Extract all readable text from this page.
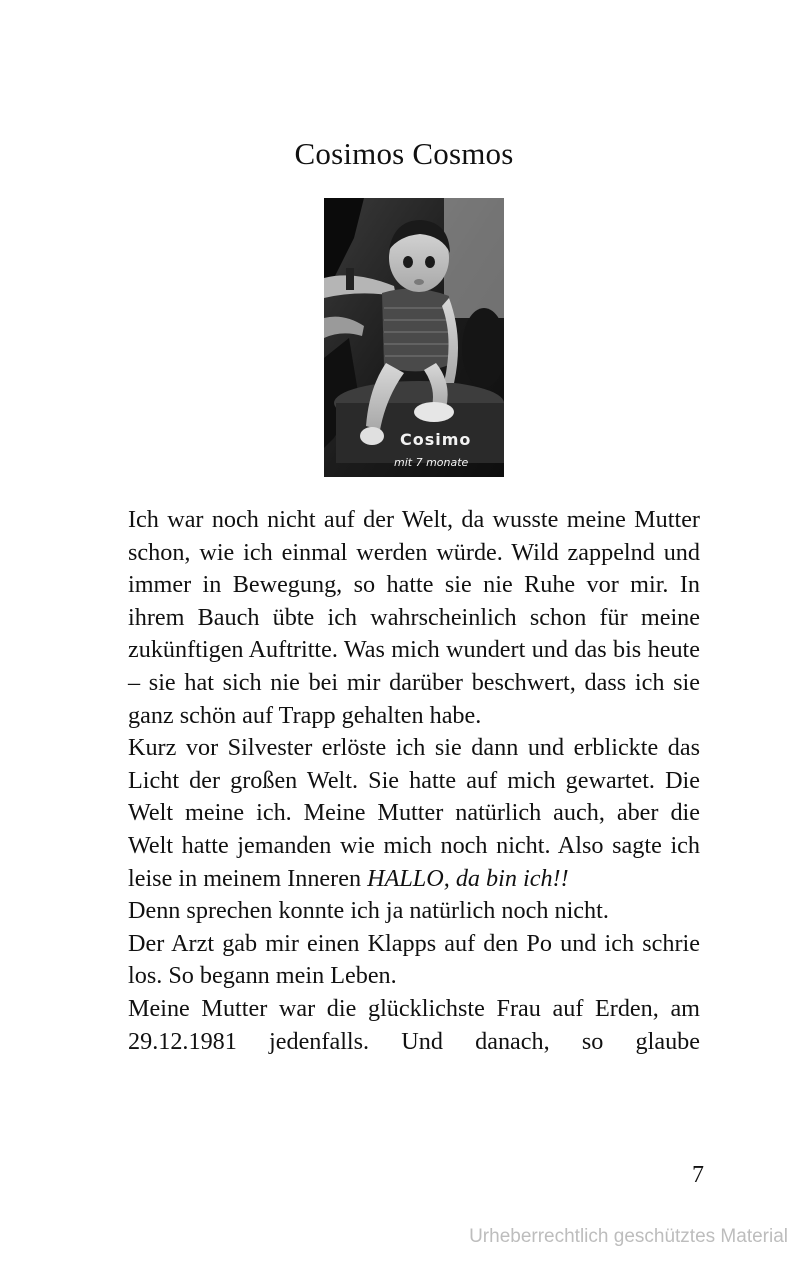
Cosimos Cosmos
Cosimo
mit 7 monate

Ich war noch nicht auf der Welt, da wusste meine Mutter schon, wie ich einmal werden würde. Wild zappelnd und immer in Bewegung, so hatte sie nie Ruhe vor mir. In ihrem Bauch übte ich wahrscheinlich schon für meine zukünftigen Auftritte. Was mich wundert und das bis heute – sie hat sich nie bei mir darüber beschwert, dass ich sie ganz schön auf Trapp gehalten habe.

Kurz vor Silvester erlöste ich sie dann und erblickte das Licht der großen Welt. Sie hatte auf mich gewartet. Die Welt meine ich. Meine Mutter natürlich auch, aber die Welt hatte jemanden wie mich noch nicht. Also sagte ich leise in meinem Inneren HALLO, da bin ich!!

Denn sprechen konnte ich ja natürlich noch nicht.

Der Arzt gab mir einen Klapps auf den Po und ich schrie los. So begann mein Leben.

Meine Mutter war die glücklichste Frau auf Erden, am 29.12.1981 jedenfalls. Und danach, so glaube

7
Urheberrechtlich geschütztes Material
